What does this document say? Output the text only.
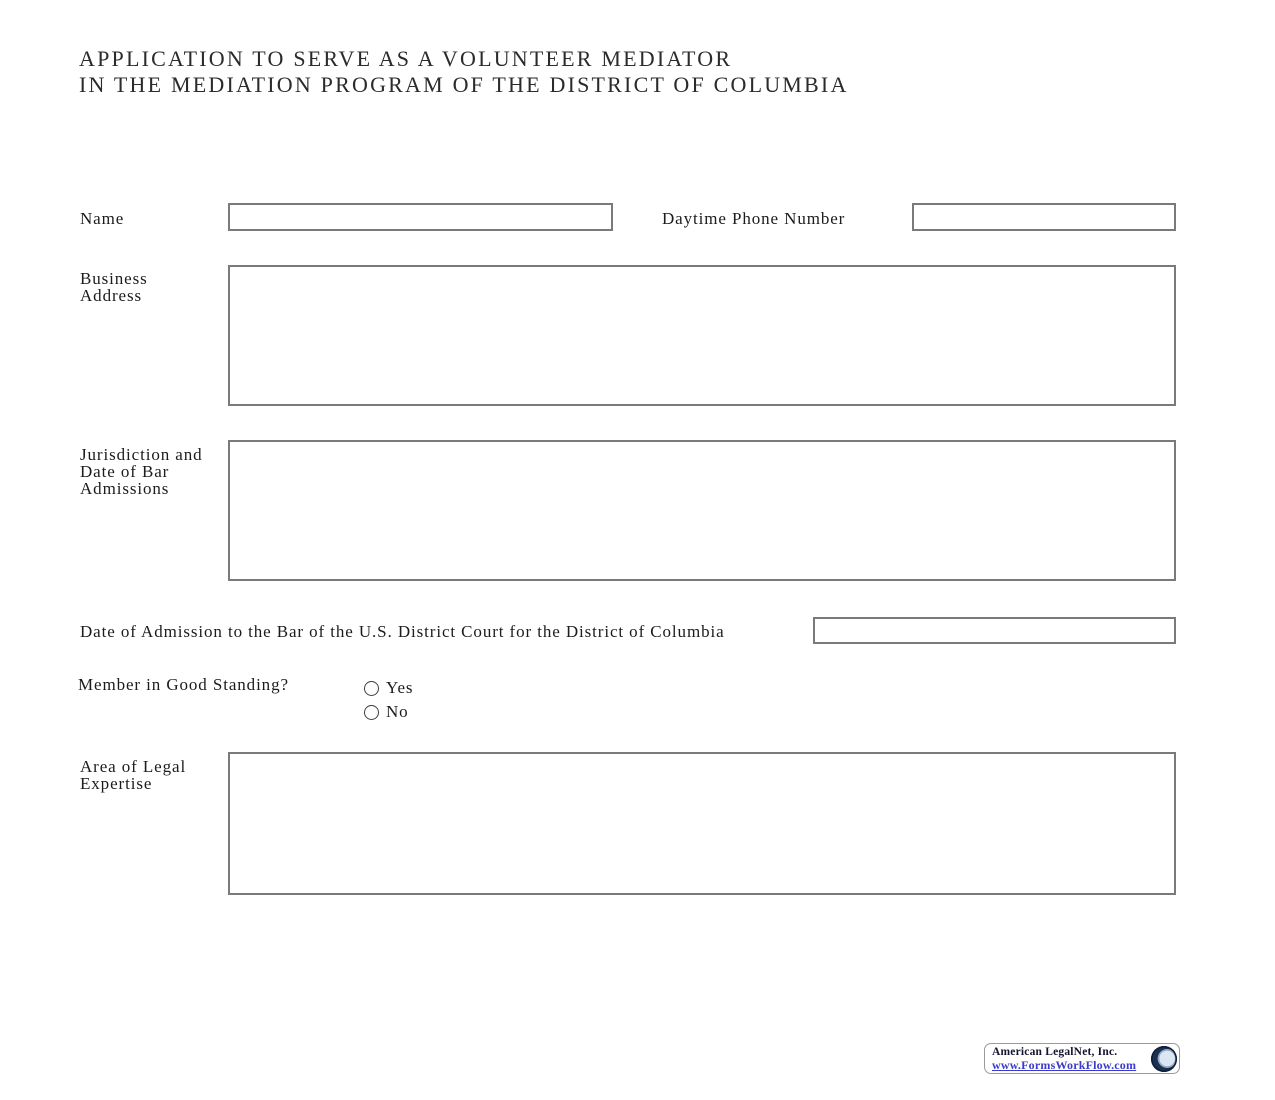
APPLICATION TO SERVE AS A VOLUNTEER MEDIATOR
IN THE MEDIATION PROGRAM OF THE DISTRICT OF COLUMBIA
Name	Daytime Phone Number
Business Address
Jurisdiction and Date of Bar Admissions
Date of Admission to the Bar of the U.S. District Court for the District of Columbia
Member in Good Standing?	Yes
No
Area of Legal Expertise
American LegalNet, Inc.
www.FormsWorkFlow.com
